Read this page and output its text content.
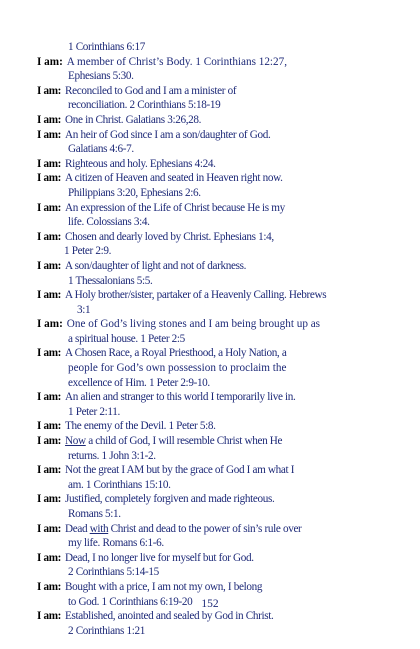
1 Corinthians 6:17
I am: A member of Christ’s Body. 1 Corinthians 12:27,
Ephesians 5:30.
I am: Reconciled to God and I am a minister of
reconciliation. 2 Corinthians 5:18-19
I am: One in Christ. Galatians 3:26,28.
I am: An heir of God since I am a son/daughter of God.
Galatians 4:6-7.
I am: Righteous and holy. Ephesians 4:24.
I am: A citizen of Heaven and seated in Heaven right now.
Philippians 3:20, Ephesians 2:6.
I am: An expression of the Life of Christ because He is my
life. Colossians 3:4.
I am: Chosen and dearly loved by Christ. Ephesians 1:4,
1 Peter 2:9.
I am: A son/daughter of light and not of darkness.
1 Thessalonians 5:5.
I am: A Holy brother/sister, partaker of a Heavenly Calling. Hebrews
3:1
I am: One of God’s living stones and I am being brought up as
a spiritual house. 1 Peter 2:5
I am: A Chosen Race, a Royal Priesthood, a Holy Nation, a
people for God’s own possession to proclaim the
excellence of Him. 1 Peter 2:9-10.
I am: An alien and stranger to this world I temporarily live in.
1 Peter 2:11.
I am: The enemy of the Devil. 1 Peter 5:8.
I am: Now a child of God, I will resemble Christ when He
returns. 1 John 3:1-2.
I am: Not the great I AM but by the grace of God I am what I
am. 1 Corinthians 15:10.
I am: Justified, completely forgiven and made righteous.
Romans 5:1.
I am: Dead with Christ and dead to the power of sin’s rule over
my life. Romans 6:1-6.
I am: Dead, I no longer live for myself but for God.
2 Corinthians 5:14-15
I am: Bought with a price, I am not my own, I belong
to God. 1 Corinthians 6:19-20
I am: Established, anointed and sealed by God in Christ.
2 Corinthians 1:21
152
